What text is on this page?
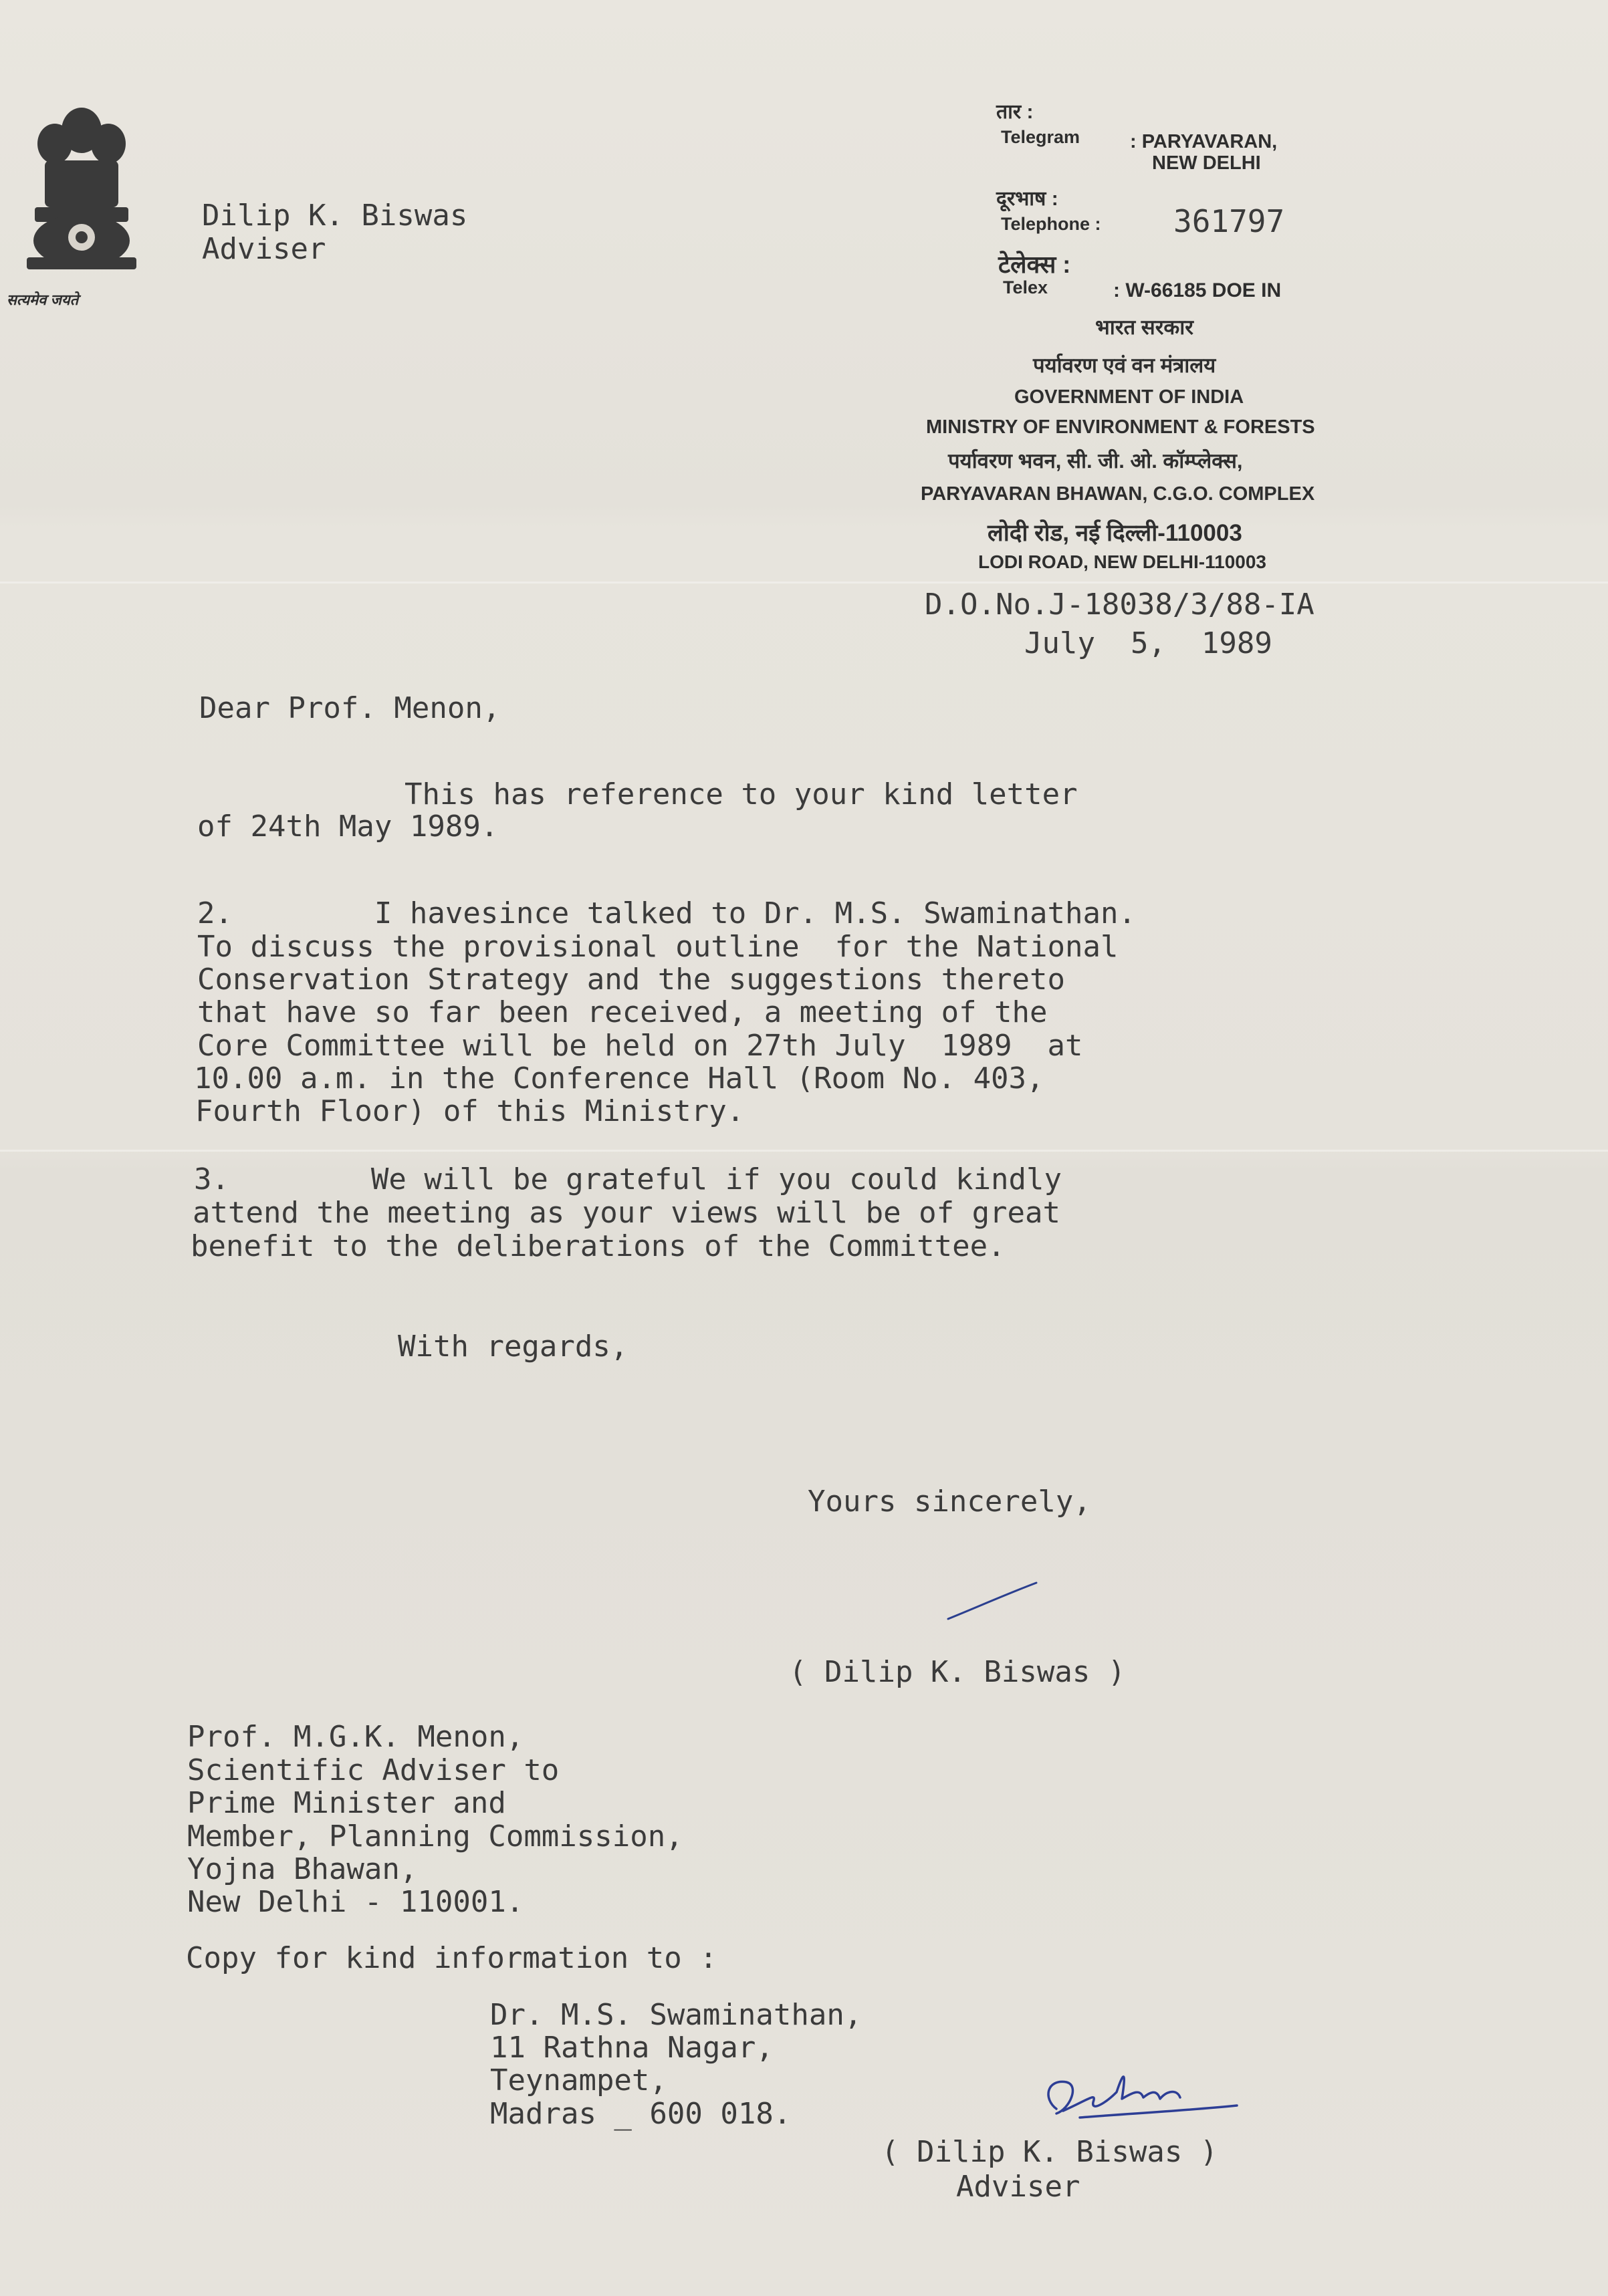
सत्यमेव जयते
Dilip K. Biswas
Adviser
तार :
Telegram	: PARYAVARAN,
NEW DELHI
दूरभाष :
Telephone : 361797
टेलेक्स :
Telex	: W-66185 DOE IN
भारत सरकार
पर्यावरण एवं वन मंत्रालय
GOVERNMENT OF INDIA
MINISTRY OF ENVIRONMENT & FORESTS
पर्यावरण भवन, सी. जी. ओ. कॉम्प्लेक्स,
PARYAVARAN BHAWAN, C.G.O. COMPLEX
लोदी रोड, नई दिल्ली-110003
LODI ROAD, NEW DELHI-110003
D.O.No.J-18038/3/88-IA
July  5,  1989
Dear Prof. Menon,
This has reference to your kind letter
of 24th May 1989.
2.        I havesince talked to Dr. M.S. Swaminathan.
To discuss the provisional outline  for the National
Conservation Strategy and the suggestions thereto
that have so far been received, a meeting of the
Core Committee will be held on 27th July  1989  at
10.00 a.m. in the Conference Hall (Room No. 403,
Fourth Floor) of this Ministry.
3.        We will be grateful if you could kindly
attend the meeting as your views will be of great
benefit to the deliberations of the Committee.
With regards,
Yours sincerely,
( Dilip K. Biswas )
Prof. M.G.K. Menon,
Scientific Adviser to
Prime Minister and
Member, Planning Commission,
Yojna Bhawan,
New Delhi - 110001.
Copy for kind information to :
Dr. M.S. Swaminathan,
11 Rathna Nagar,
Teynampet,
Madras _ 600 018.
( Dilip K. Biswas )
Adviser
